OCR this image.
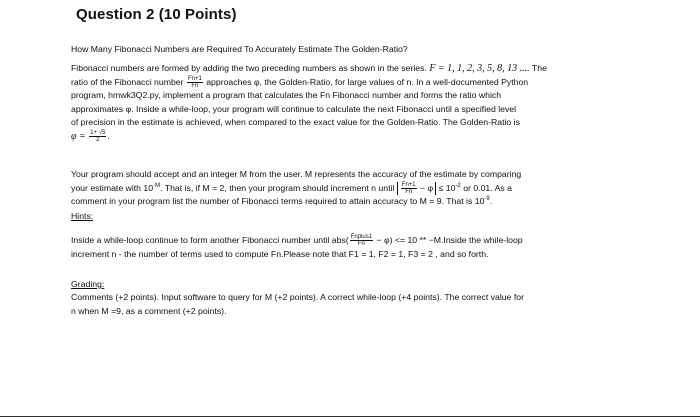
Question 2 (10 Points)
How Many Fibonacci Numbers are Required To Accurately Estimate The Golden-Ratio?
Fibonacci numbers are formed by adding the two preceding numbers as shown in the series. F = 1, 1, 2, 3, 5, 8, 13 .... The
ratio of the Fibonacci number $\frac{Fn+1}{Fn}$ approaches φ, the Golden-Ratio, for large values of n. In a well-documented Python
program, hmwk3Q2.py, implement a program that calculates the Fn Fibonacci number and forms the ratio which
approximates φ. Inside a while-loop, your program will continue to calculate the next Fibonacci until a specified level
of precision in the estimate is achieved, when compared to the exact value for the Golden-Ratio. The Golden-Ratio is
$\varphi = \frac{1+ √5}{2}$ .
Your program should accept and an integer M from the user. M represents the accuracy of the estimate by comparing
your estimate with $10^{-M}$. That is, if M = 2, then your program should increment n until $\frac{Fn+1}{Fn} - \varphi \le 10^{-2}$ or 0.01. As a
comment in your program list the number of Fibonacci terms required to attain accuracy to M = 9. That is $10^{-9}$.
Hints:
Inside a while-loop continue to form another Fibonacci number until $abs( \frac{\text{Fnplus1}}{Fn} - \varphi) <= 10$ ** −M.Inside the while-loop
increment n - the number of terms used to compute Fn.Please note that F1 = 1, F2 = 1, F3 = 2 , and so forth.
Grading:
Comments (+2 points). Input software to query for M (+2 points). A correct while-loop (+4 points). The correct value for
n when M =9, as a comment (+2 points).
